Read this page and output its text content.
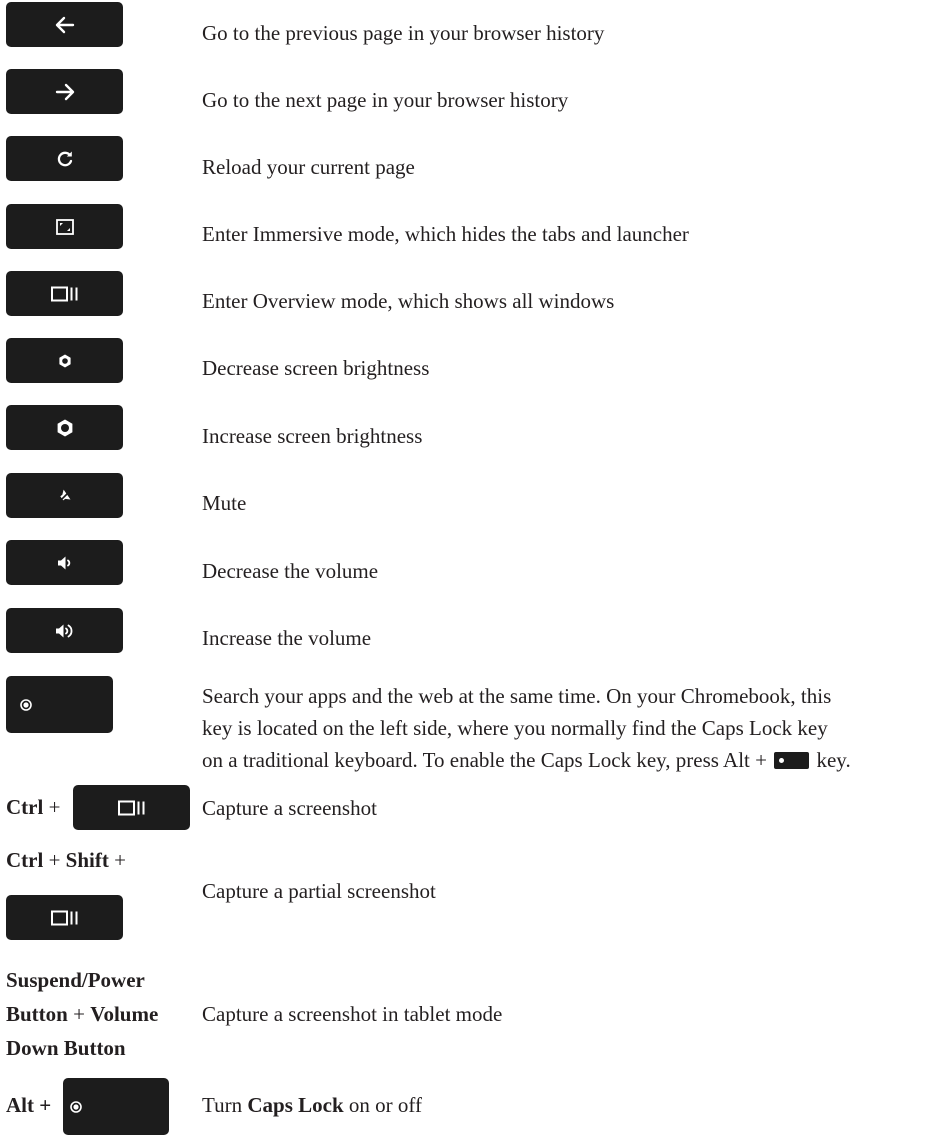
Go to the previous page in your browser history
Go to the next page in your browser history
Reload your current page
Enter Immersive mode, which hides the tabs and launcher
Enter Overview mode, which shows all windows
Decrease screen brightness
Increase screen brightness
Mute
Decrease the volume
Increase the volume
Search your apps and the web at the same time. On your Chromebook, this
key is located on the left side, where you normally find the Caps Lock key
on a traditional keyboard. To enable the Caps Lock key, press Alt + key.
Ctrl +	Capture a screenshot
Ctrl + Shift +
Capture a partial screenshot
Suspend/Power
Button + Volume
Down Button
Capture a screenshot in tablet mode
Alt +	Turn Caps Lock on or off
